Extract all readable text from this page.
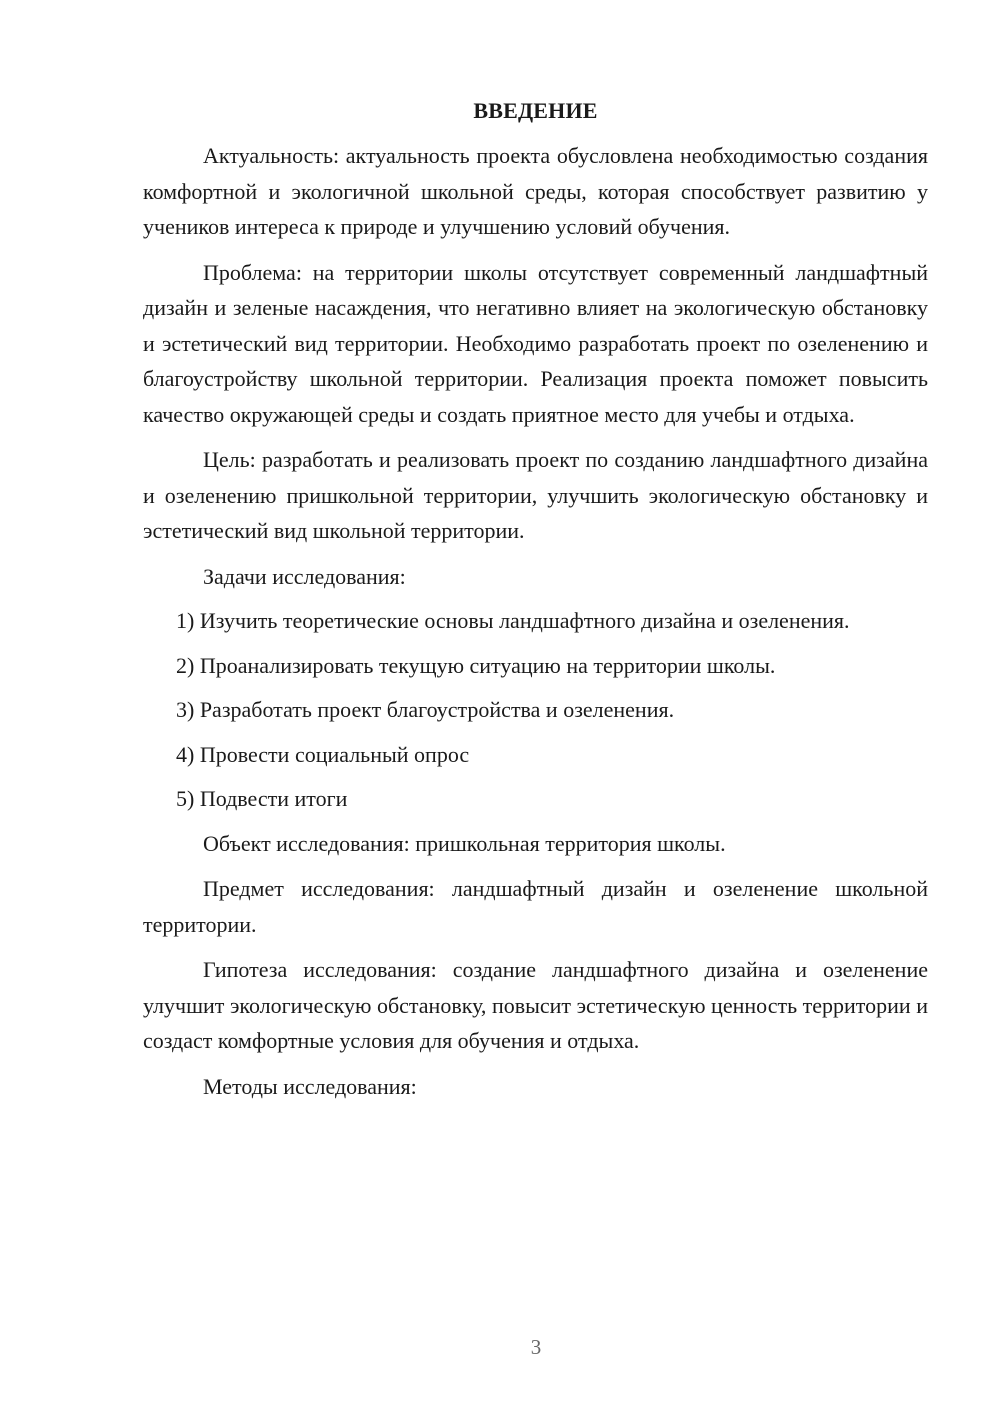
ВВЕДЕНИЕ

Актуальность: актуальность проекта обусловлена необходимостью создания комфортной и экологичной школьной среды, которая способствует развитию у учеников интереса к природе и улучшению условий обучения.

Проблема: на территории школы отсутствует современный ландшафтный дизайн и зеленые насаждения, что негативно влияет на экологическую обстановку и эстетический вид территории. Необходимо разработать проект по озеленению и благоустройству школьной территории. Реализация проекта поможет повысить качество окружающей среды и создать приятное место для учебы и отдыха.

Цель: разработать и реализовать проект по созданию ландшафтного дизайна и озеленению пришкольной территории, улучшить экологическую обстановку и эстетический вид школьной территории.

Задачи исследования:

1) Изучить теоретические основы ландшафтного дизайна и озеленения.

2) Проанализировать текущую ситуацию на территории школы.

3) Разработать проект благоустройства и озеленения.

4) Провести социальный опрос

5) Подвести итоги

Объект исследования: пришкольная территория школы.

Предмет исследования: ландшафтный дизайн и озеленение школьной территории.

Гипотеза исследования: создание ландшафтного дизайна и озеленение улучшит экологическую обстановку, повысит эстетическую ценность территории и создаст комфортные условия для обучения и отдыха.

Методы исследования:

3
